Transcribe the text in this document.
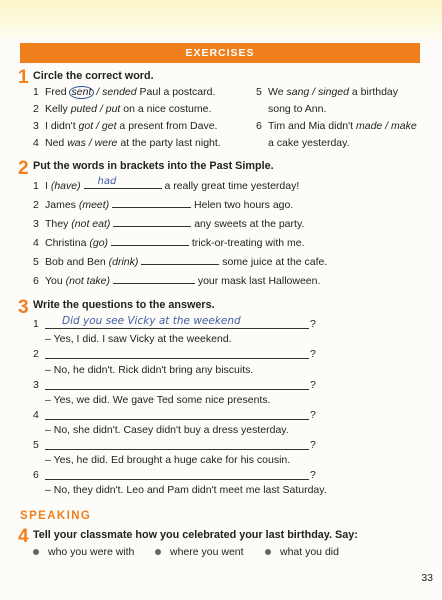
EXERCISES
1 Circle the correct word.
1 Fred sent / sended Paul a postcard.
2 Kelly puted / put on a nice costume.
3 I didn't got / get a present from Dave.
4 Ned was / were at the party last night.
5 We sang / singed a birthday
song to Ann.
6 Tim and Mia didn't made / make
a cake yesterday.
2 Put the words in brackets into the Past Simple.
1 I (have)	had	a really great time yesterday!
2 James (meet)	Helen two hours ago.
3 They (not eat)	any sweets at the party.
4 Christina (go)	trick-or-treating with me.
5 Bob and Ben (drink)	some juice at the cafe.
6 You (not take)	your mask last Halloween.
3 Write the questions to the answers.
1 Did you see Vicky at the weekend	?
– Yes, I did. I saw Vicky at the weekend.
2	?
– No, he didn't. Rick didn't bring any biscuits.
3	?
– Yes, we did. We gave Ted some nice presents.
4	?
– No, she didn't. Casey didn't buy a dress yesterday.
5	?
– Yes, he did. Ed brought a huge cake for his cousin.
6	?
– No, they didn't. Leo and Pam didn't meet me last Saturday.
SPEAKING
4 Tell your classmate how you celebrated your last birthday. Say:
who you were with	where you went	what you did
33
